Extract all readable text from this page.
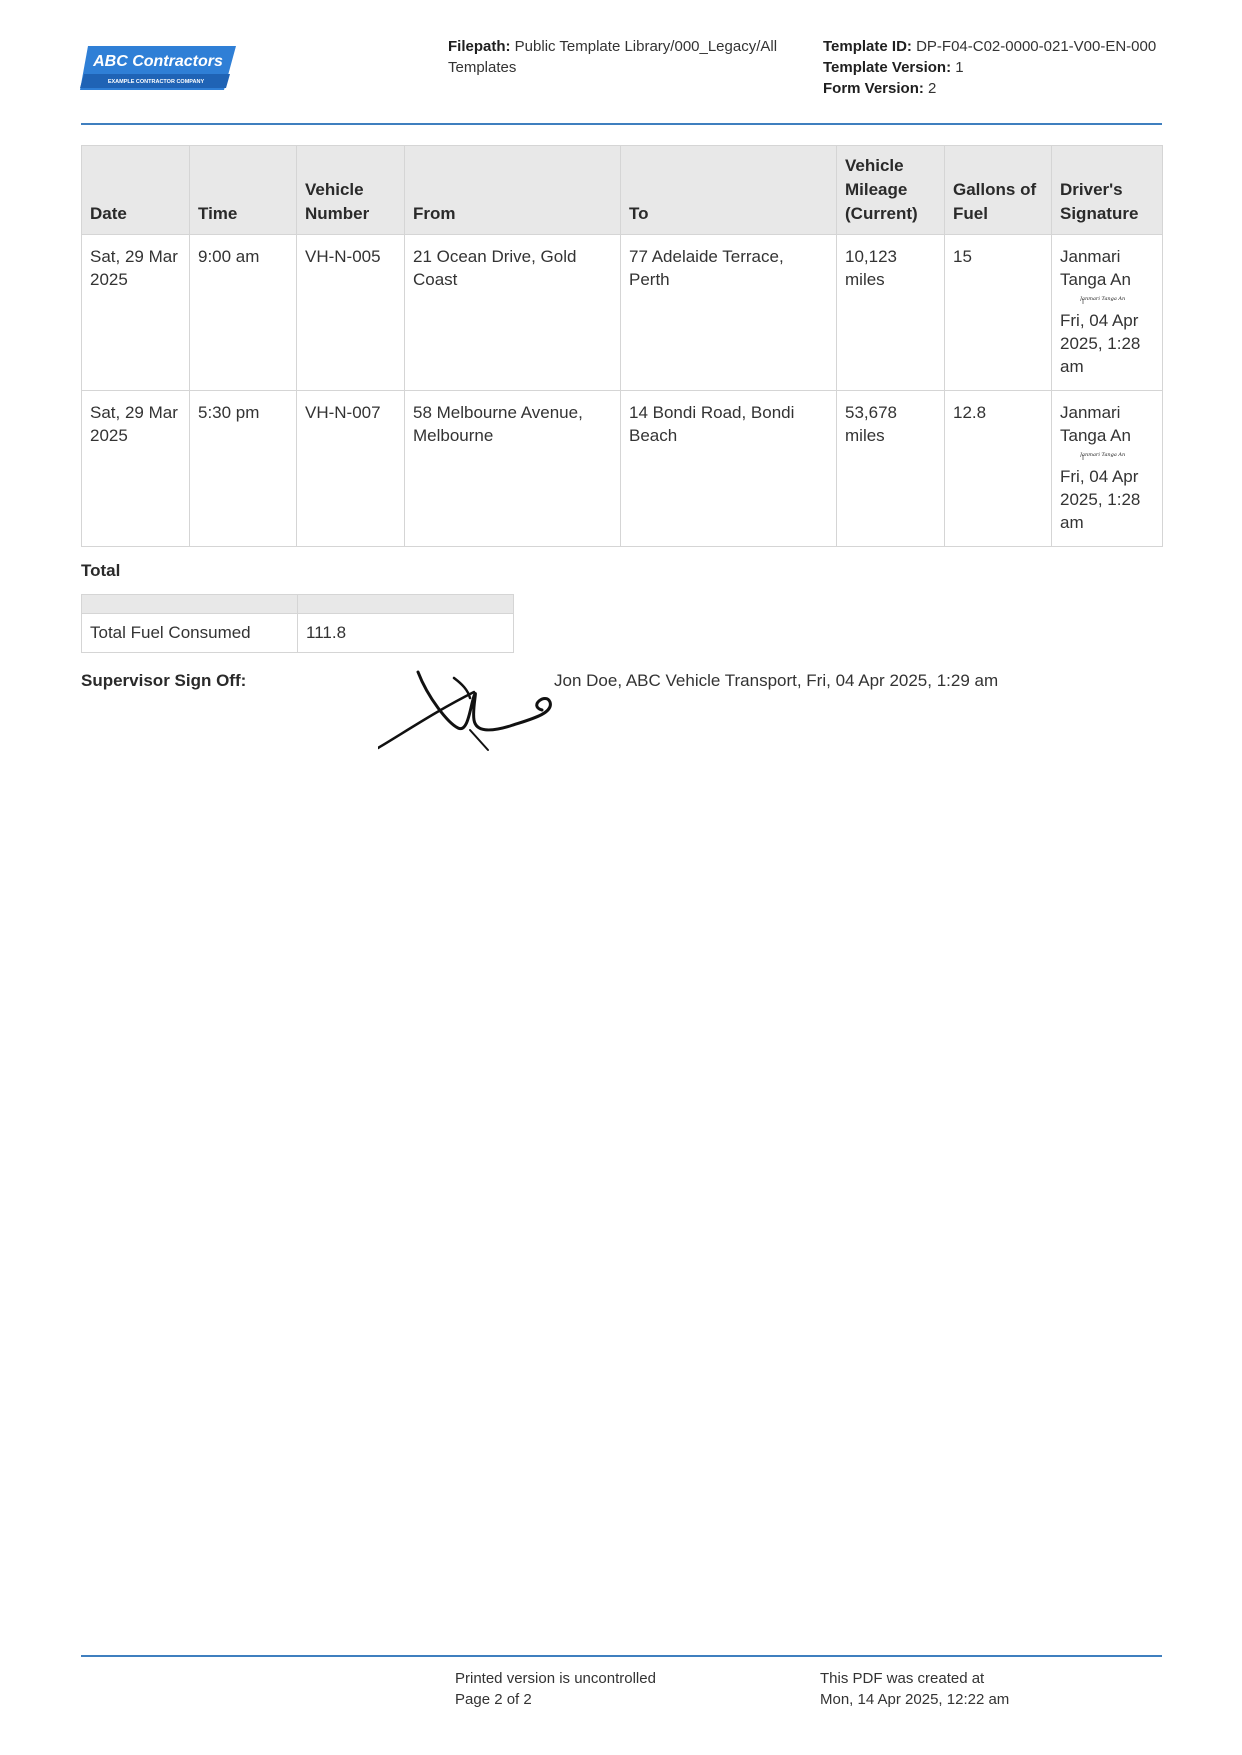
ABC Contractors
EXAMPLE CONTRACTOR COMPANY
Filepath: Public Template Library/000_Legacy/All Templates
Template ID: DP-F04-C02-0000-021-V00-EN-000
Template Version: 1
Form Version: 2
Date	Time	Vehicle Number	From	To	Vehicle Mileage (Current)	Gallons of Fuel	Driver's Signature
Sat, 29 Mar 2025	9:00 am	VH-N-005	21 Ocean Drive, Gold Coast	77 Adelaide Terrace, Perth	10,123 miles	15	Janmari Tanga An
Janmari Tanga An
Fri, 04 Apr 2025, 1:28 am
Sat, 29 Mar 2025	5:30 pm	VH-N-007	58 Melbourne Avenue, Melbourne	14 Bondi Road, Bondi Beach	53,678 miles	12.8	Janmari Tanga An
Janmari Tanga An
Fri, 04 Apr 2025, 1:28 am
Total

Total Fuel Consumed	111.8
Supervisor Sign Off:	Jon Doe, ABC Vehicle Transport, Fri, 04 Apr 2025, 1:29 am
Printed version is uncontrolled
Page 2 of 2
This PDF was created at
Mon, 14 Apr 2025, 12:22 am
